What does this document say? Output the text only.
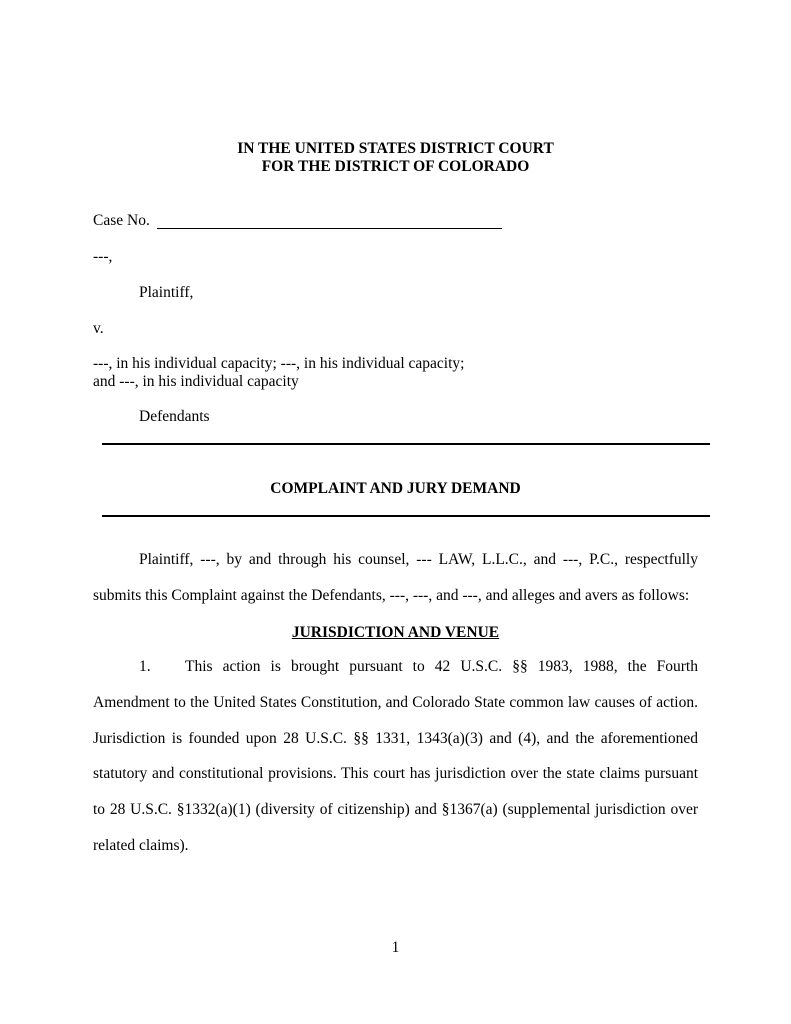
IN THE UNITED STATES DISTRICT COURT
FOR THE DISTRICT OF COLORADO
Case No.
---,
Plaintiff,
v.
---, in his individual capacity; ---, in his individual capacity;
and ---, in his individual capacity
Defendants
COMPLAINT AND JURY DEMAND
Plaintiff, ---, by and through his counsel, --- LAW, L.L.C., and ---, P.C., respectfully submits this Complaint against the Defendants, ---, ---, and ---, and alleges and avers as follows:
JURISDICTION AND VENUE
1. This action is brought pursuant to 42 U.S.C. §§ 1983, 1988, the Fourth Amendment to the United States Constitution, and Colorado State common law causes of action. Jurisdiction is founded upon 28 U.S.C. §§ 1331, 1343(a)(3) and (4), and the aforementioned statutory and constitutional provisions. This court has jurisdiction over the state claims pursuant to 28 U.S.C. §1332(a)(1) (diversity of citizenship) and §1367(a) (supplemental jurisdiction over related claims).
1
